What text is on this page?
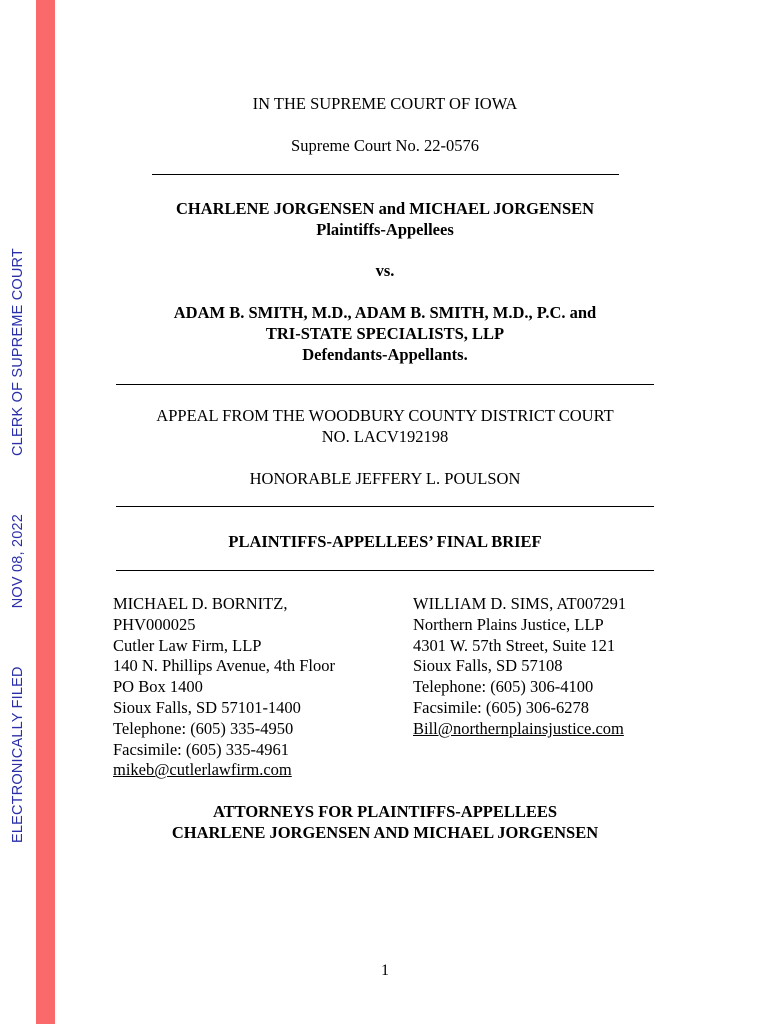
ELECTRONICALLY FILEDNOV 08, 2022CLERK OF SUPREME COURT
IN THE SUPREME COURT OF IOWA
Supreme Court No. 22-0576
CHARLENE JORGENSEN and MICHAEL JORGENSEN
Plaintiffs-Appellees
vs.
ADAM B. SMITH, M.D., ADAM B. SMITH, M.D., P.C. and
TRI-STATE SPECIALISTS, LLP
Defendants-Appellants.
APPEAL FROM THE WOODBURY COUNTY DISTRICT COURT
NO. LACV192198
HONORABLE JEFFERY L. POULSON
PLAINTIFFS-APPELLEES’ FINAL BRIEF
MICHAEL D. BORNITZ,
PHV000025
Cutler Law Firm, LLP
140 N. Phillips Avenue, 4th Floor
PO Box 1400
Sioux Falls, SD 57101-1400
Telephone: (605) 335-4950
Facsimile: (605) 335-4961
mikeb@cutlerlawfirm.com
WILLIAM D. SIMS, AT007291
Northern Plains Justice, LLP
4301 W. 57th Street, Suite 121
Sioux Falls, SD 57108
Telephone: (605) 306-4100
Facsimile: (605) 306-6278
Bill@northernplainsjustice.com
ATTORNEYS FOR PLAINTIFFS-APPELLEES
CHARLENE JORGENSEN AND MICHAEL JORGENSEN
1
